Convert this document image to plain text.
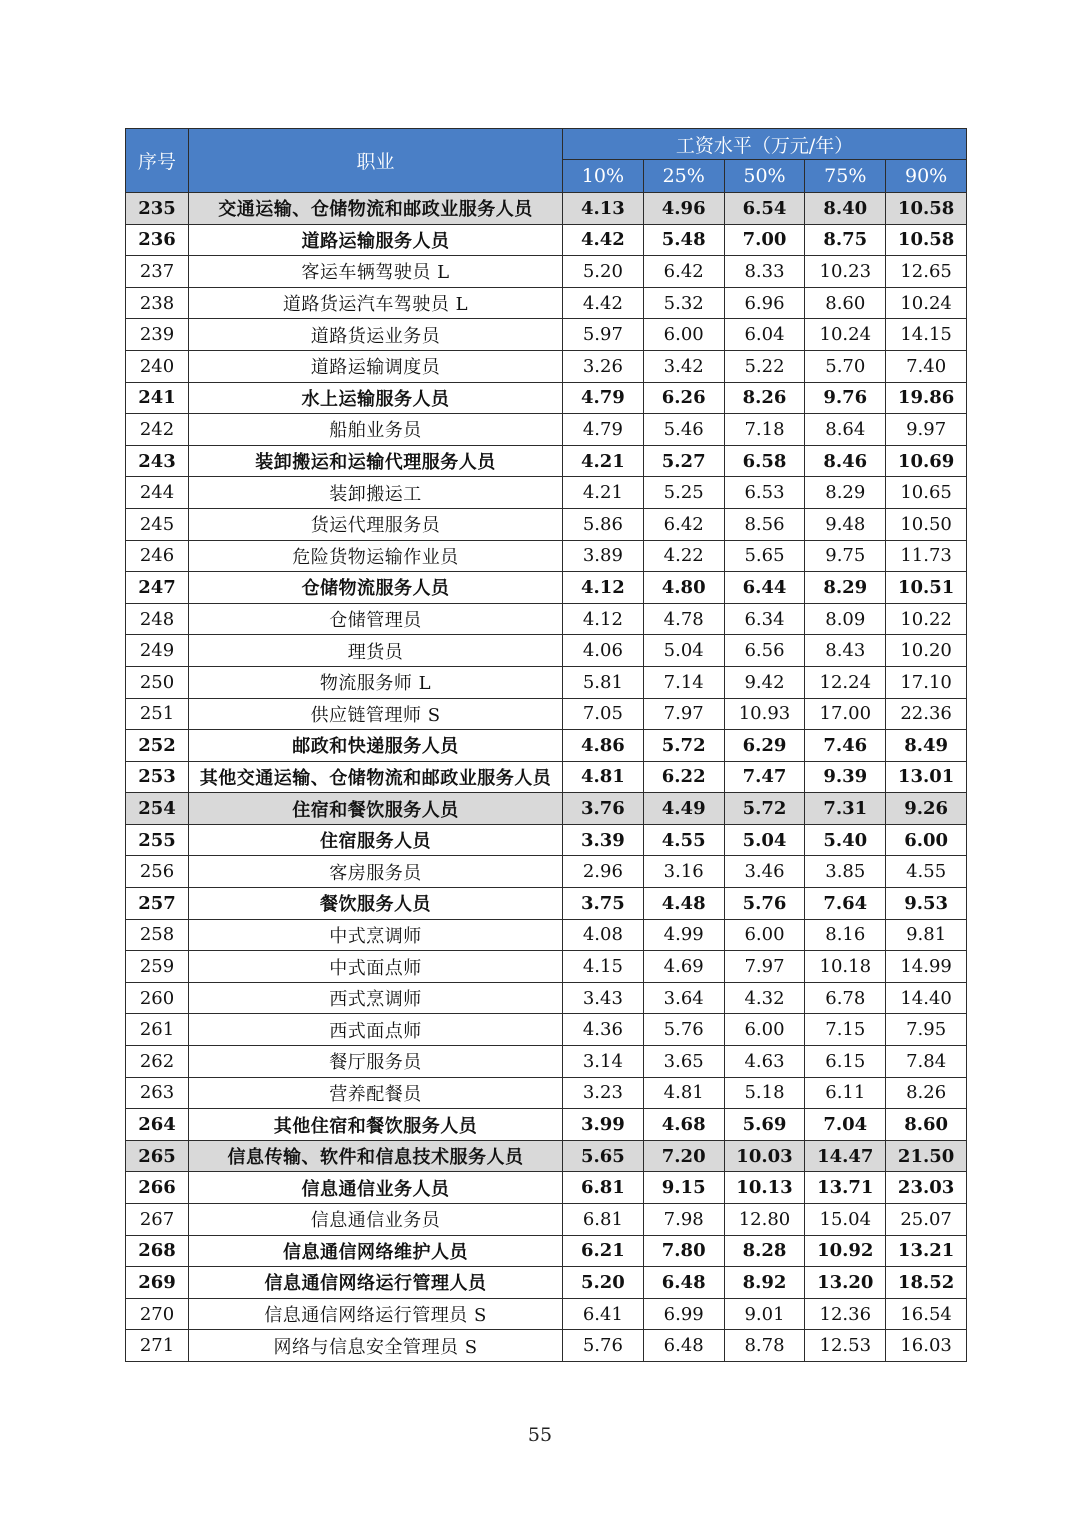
序号	职业	工资水平（万元/年）				
		10%	25%	50%	75%	90%
235	交通运输、仓储物流和邮政业服务人员	4.13	4.96	6.54	8.40	10.58
236	道路运输服务人员	4.42	5.48	7.00	8.75	10.58
237	客运车辆驾驶员 L	5.20	6.42	8.33	10.23	12.65
238	道路货运汽车驾驶员 L	4.42	5.32	6.96	8.60	10.24
239	道路货运业务员	5.97	6.00	6.04	10.24	14.15
240	道路运输调度员	3.26	3.42	5.22	5.70	7.40
241	水上运输服务人员	4.79	6.26	8.26	9.76	19.86
242	船舶业务员	4.79	5.46	7.18	8.64	9.97
243	装卸搬运和运输代理服务人员	4.21	5.27	6.58	8.46	10.69
244	装卸搬运工	4.21	5.25	6.53	8.29	10.65
245	货运代理服务员	5.86	6.42	8.56	9.48	10.50
246	危险货物运输作业员	3.89	4.22	5.65	9.75	11.73
247	仓储物流服务人员	4.12	4.80	6.44	8.29	10.51
248	仓储管理员	4.12	4.78	6.34	8.09	10.22
249	理货员	4.06	5.04	6.56	8.43	10.20
250	物流服务师 L	5.81	7.14	9.42	12.24	17.10
251	供应链管理师 S	7.05	7.97	10.93	17.00	22.36
252	邮政和快递服务人员	4.86	5.72	6.29	7.46	8.49
253	其他交通运输、仓储物流和邮政业服务人员	4.81	6.22	7.47	9.39	13.01
254	住宿和餐饮服务人员	3.76	4.49	5.72	7.31	9.26
255	住宿服务人员	3.39	4.55	5.04	5.40	6.00
256	客房服务员	2.96	3.16	3.46	3.85	4.55
257	餐饮服务人员	3.75	4.48	5.76	7.64	9.53
258	中式烹调师	4.08	4.99	6.00	8.16	9.81
259	中式面点师	4.15	4.69	7.97	10.18	14.99
260	西式烹调师	3.43	3.64	4.32	6.78	14.40
261	西式面点师	4.36	5.76	6.00	7.15	7.95
262	餐厅服务员	3.14	3.65	4.63	6.15	7.84
263	营养配餐员	3.23	4.81	5.18	6.11	8.26
264	其他住宿和餐饮服务人员	3.99	4.68	5.69	7.04	8.60
265	信息传输、软件和信息技术服务人员	5.65	7.20	10.03	14.47	21.50
266	信息通信业务人员	6.81	9.15	10.13	13.71	23.03
267	信息通信业务员	6.81	7.98	12.80	15.04	25.07
268	信息通信网络维护人员	6.21	7.80	8.28	10.92	13.21
269	信息通信网络运行管理人员	5.20	6.48	8.92	13.20	18.52
270	信息通信网络运行管理员 S	6.41	6.99	9.01	12.36	16.54
271	网络与信息安全管理员 S	5.76	6.48	8.78	12.53	16.03
55
